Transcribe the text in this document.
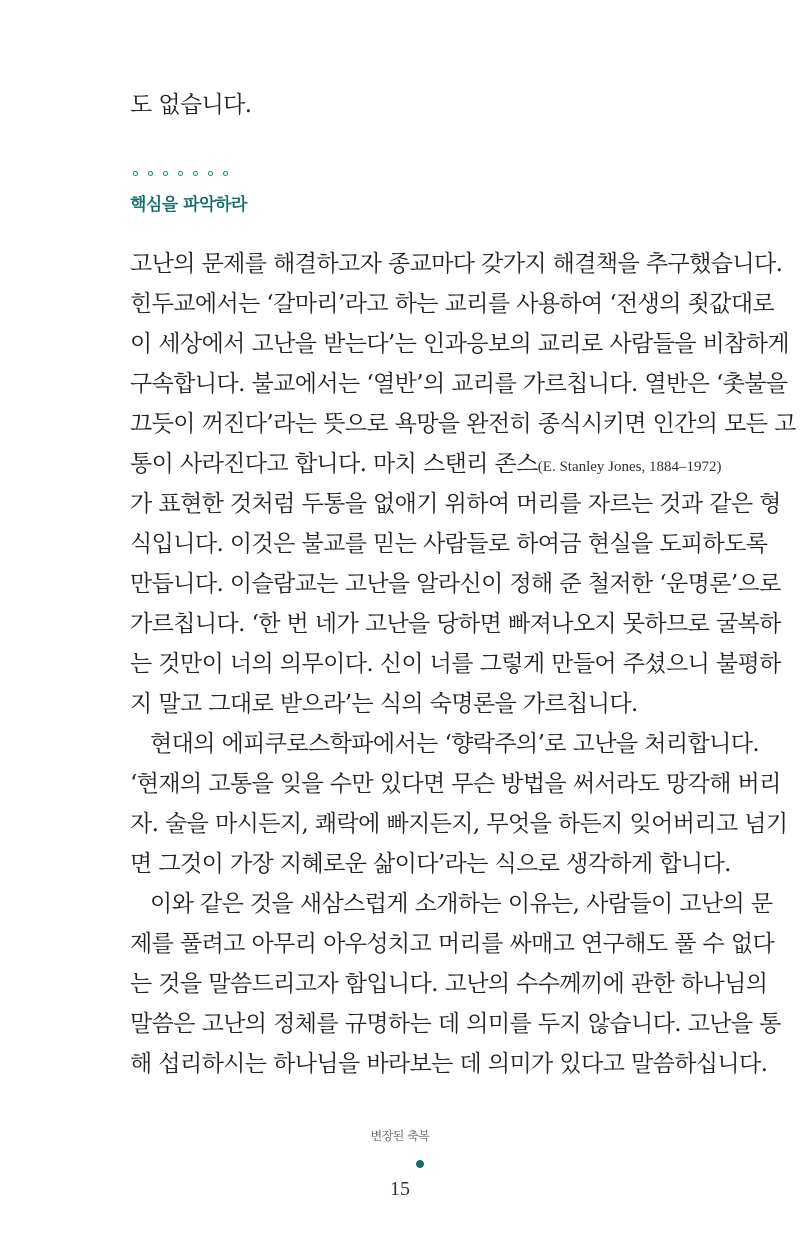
도 없습니다.
핵심을 파악하라
고난의 문제를 해결하고자 종교마다 갖가지 해결책을 추구했습니다.
힌두교에서는 ‘갈마리’라고 하는 교리를 사용하여 ‘전생의 죗값대로
이 세상에서 고난을 받는다’는 인과응보의 교리로 사람들을 비참하게
구속합니다. 불교에서는 ‘열반’의 교리를 가르칩니다. 열반은 ‘촛불을
끄듯이 꺼진다’라는 뜻으로 욕망을 완전히 종식시키면 인간의 모든 고
통이 사라진다고 합니다. 마치 스탠리 존스(E. Stanley Jones, 1884–1972)
가 표현한 것처럼 두통을 없애기 위하여 머리를 자르는 것과 같은 형
식입니다. 이것은 불교를 믿는 사람들로 하여금 현실을 도피하도록
만듭니다. 이슬람교는 고난을 알라신이 정해 준 철저한 ‘운명론’으로
가르칩니다. ‘한 번 네가 고난을 당하면 빠져나오지 못하므로 굴복하
는 것만이 너의 의무이다. 신이 너를 그렇게 만들어 주셨으니 불평하
지 말고 그대로 받으라’는 식의 숙명론을 가르칩니다.
현대의 에피쿠로스학파에서는 ‘향락주의’로 고난을 처리합니다.
‘현재의 고통을 잊을 수만 있다면 무슨 방법을 써서라도 망각해 버리
자. 술을 마시든지, 쾌락에 빠지든지, 무엇을 하든지 잊어버리고 넘기
면 그것이 가장 지혜로운 삶이다’라는 식으로 생각하게 합니다.
이와 같은 것을 새삼스럽게 소개하는 이유는, 사람들이 고난의 문
제를 풀려고 아무리 아우성치고 머리를 싸매고 연구해도 풀 수 없다
는 것을 말씀드리고자 함입니다. 고난의 수수께끼에 관한 하나님의
말씀은 고난의 정체를 규명하는 데 의미를 두지 않습니다. 고난을 통
해 섭리하시는 하나님을 바라보는 데 의미가 있다고 말씀하십니다.
변장된 축복
15
